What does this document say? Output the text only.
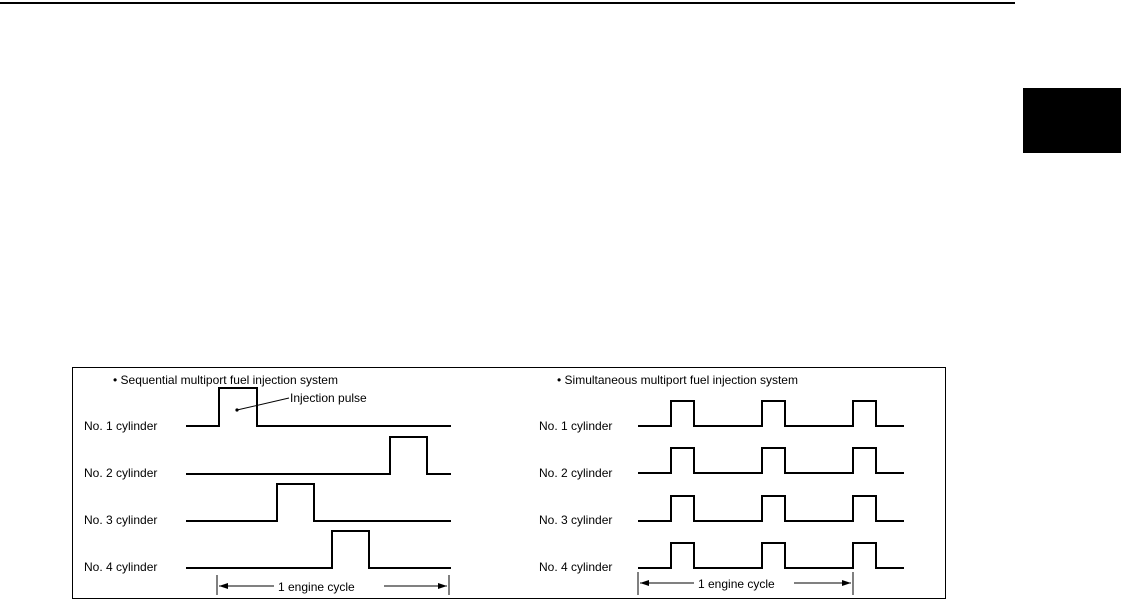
• Sequential multiport fuel injection system
Injection pulse
No. 1 cylinder
No. 2 cylinder
No. 3 cylinder
No. 4 cylinder
1 engine cycle
• Simultaneous multiport fuel injection system
No. 1 cylinder
No. 2 cylinder
No. 3 cylinder
No. 4 cylinder
1 engine cycle
